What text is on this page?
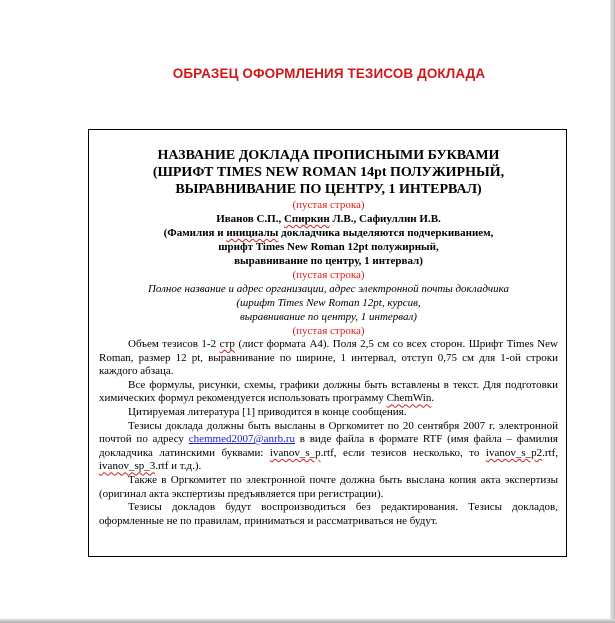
ОБРАЗЕЦ ОФОРМЛЕНИЯ ТЕЗИСОВ ДОКЛАДА
НАЗВАНИЕ ДОКЛАДА ПРОПИСНЫМИ БУКВАМИ
(ШРИФТ TIMES NEW ROMAN 14pt ПОЛУЖИРНЫЙ,
ВЫРАВНИВАНИЕ ПО ЦЕНТРУ, 1 ИНТЕРВАЛ)
(пустая строка)
Иванов С.П., Спиркин Л.В., Сафиуллин И.В.
(Фамилия и инициалы докладчика выделяются подчеркиванием,
шрифт Times New Roman 12pt полужирный,
выравнивание по центру, 1 интервал)
(пустая строка)
Полное название и адрес организации, адрес электронной почты докладчика
(шрифт Times New Roman 12pt, курсив,
выравнивание по центру, 1 интервал)
(пустая строка)

Объем тезисов 1-2 стр (лист формата А4). Поля 2,5 см со всех сторон. Шрифт Times New Roman, размер 12 pt, выравнивание по ширине, 1 интервал, отступ 0,75 см для 1-ой строки каждого абзаца.

Все формулы, рисунки, схемы, графики должны быть вставлены в текст. Для подготовки химических формул рекомендуется использовать программу ChemWin.

Цитируемая литература [1] приводится в конце сообщения.

Тезисы доклада должны быть высланы в Оргкомитет по 20 сентября 2007 г. электронной почтой по адресу chemmed2007@anrb.ru в виде файла в формате RTF (имя файла – фамилия докладчика латинскими буквами: ivanov_s_p.rtf, если тезисов несколько, то ivanov_s_p2.rtf, ivanov_sp_3.rtf и т.д.).

Также в Оргкомитет по электронной почте должна быть выслана копия акта экспертизы (оригинал акта экспертизы предъявляется при регистрации).

Тезисы докладов будут воспроизводиться без редактирования. Тезисы докладов, оформленные не по правилам, приниматься и рассматриваться не будут.
